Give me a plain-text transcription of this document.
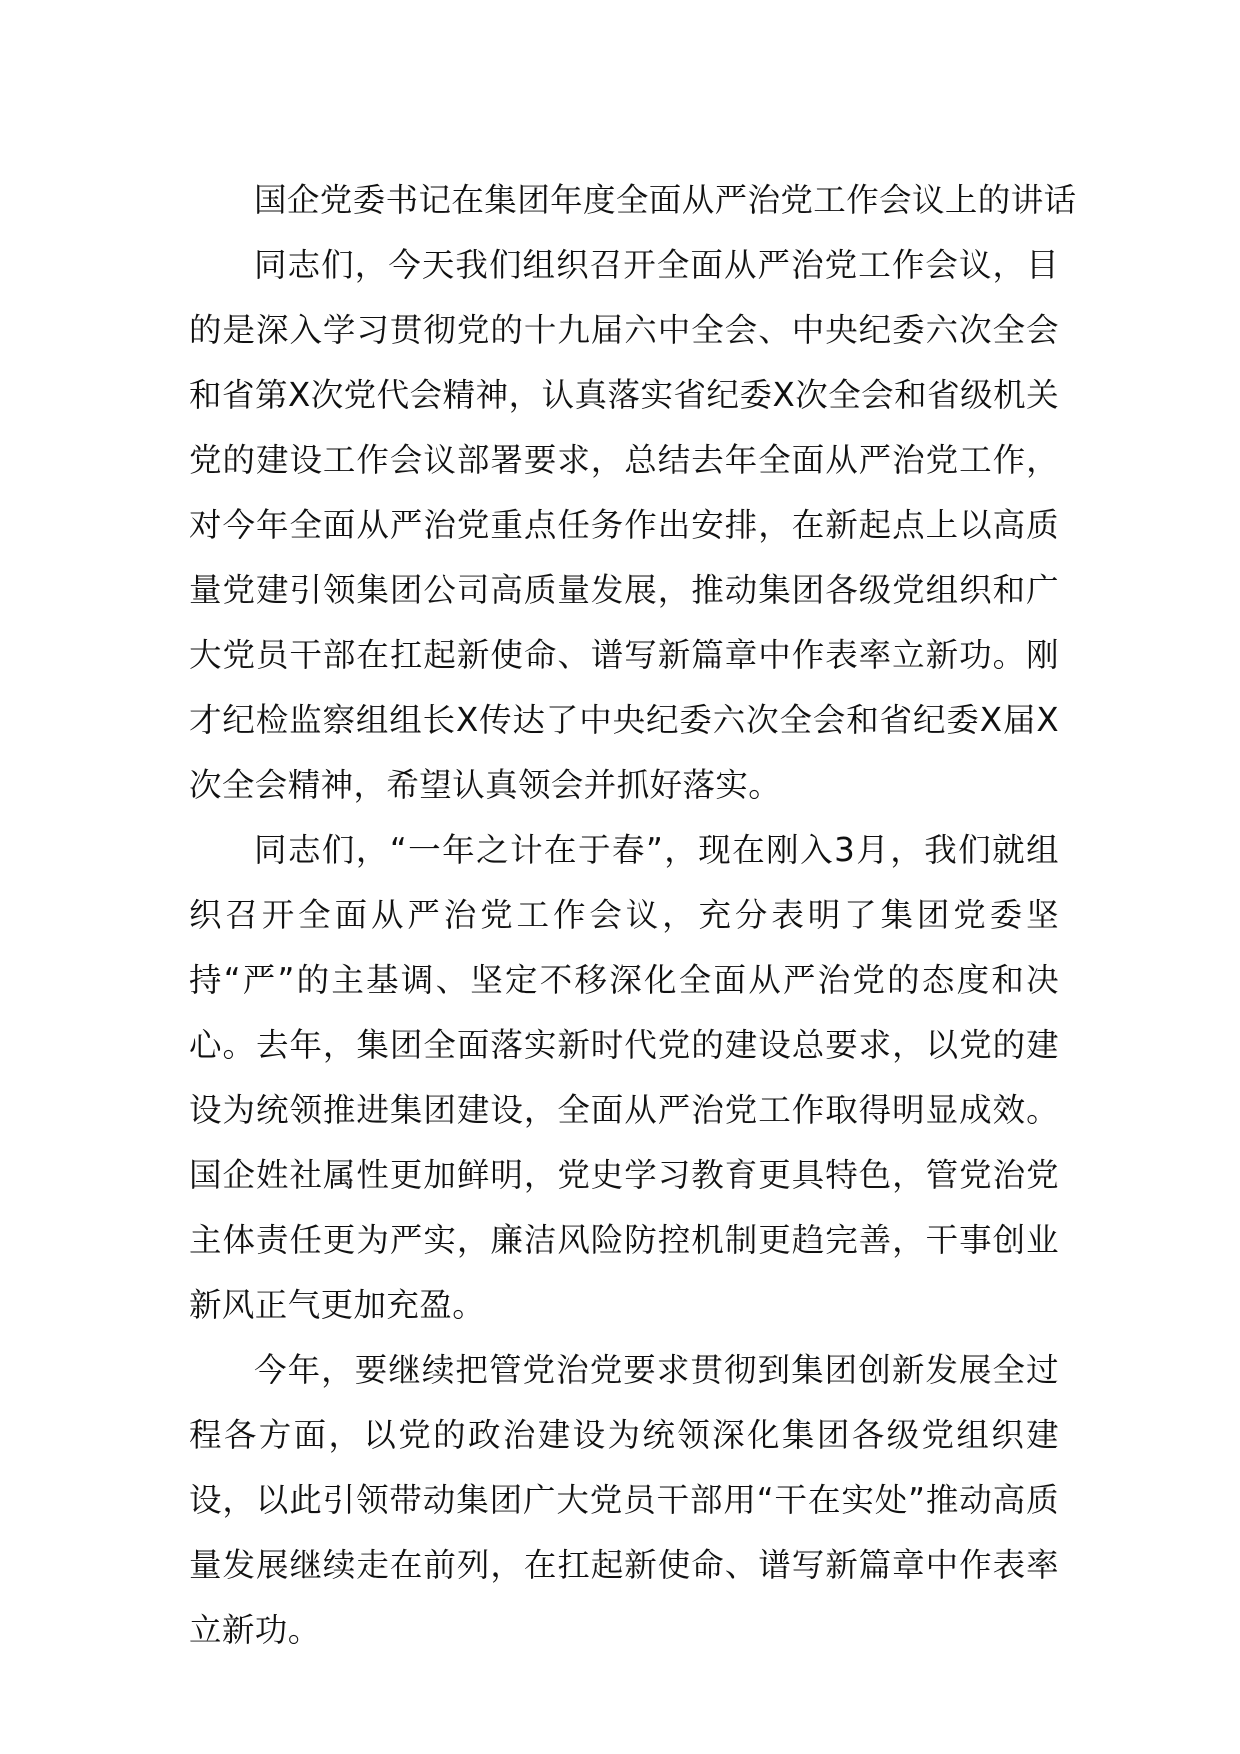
国企党委书记在集团年度全面从严治党工作会议上的讲话

同志们，今天我们组织召开全面从严治党工作会议，目的是深入学习贯彻党的十九届六中全会、中央纪委六次全会和省第X次党代会精神，认真落实省纪委X次全会和省级机关党的建设工作会议部署要求，总结去年全面从严治党工作，对今年全面从严治党重点任务作出安排，在新起点上以高质量党建引领集团公司高质量发展，推动集团各级党组织和广大党员干部在扛起新使命、谱写新篇章中作表率立新功。刚才纪检监察组组长X传达了中央纪委六次全会和省纪委X届X次全会精神，希望认真领会并抓好落实。

同志们，“一年之计在于春”，现在刚入3月，我们就组织召开全面从严治党工作会议，充分表明了集团党委坚持“严”的主基调、坚定不移深化全面从严治党的态度和决心。去年，集团全面落实新时代党的建设总要求，以党的建设为统领推进集团建设，全面从严治党工作取得明显成效。国企姓社属性更加鲜明，党史学习教育更具特色，管党治党主体责任更为严实，廉洁风险防控机制更趋完善，干事创业新风正气更加充盈。

今年，要继续把管党治党要求贯彻到集团创新发展全过程各方面，以党的政治建设为统领深化集团各级党组织建设，以此引领带动集团广大党员干部用“干在实处”推动高质量发展继续走在前列，在扛起新使命、谱写新篇章中作表率立新功。
